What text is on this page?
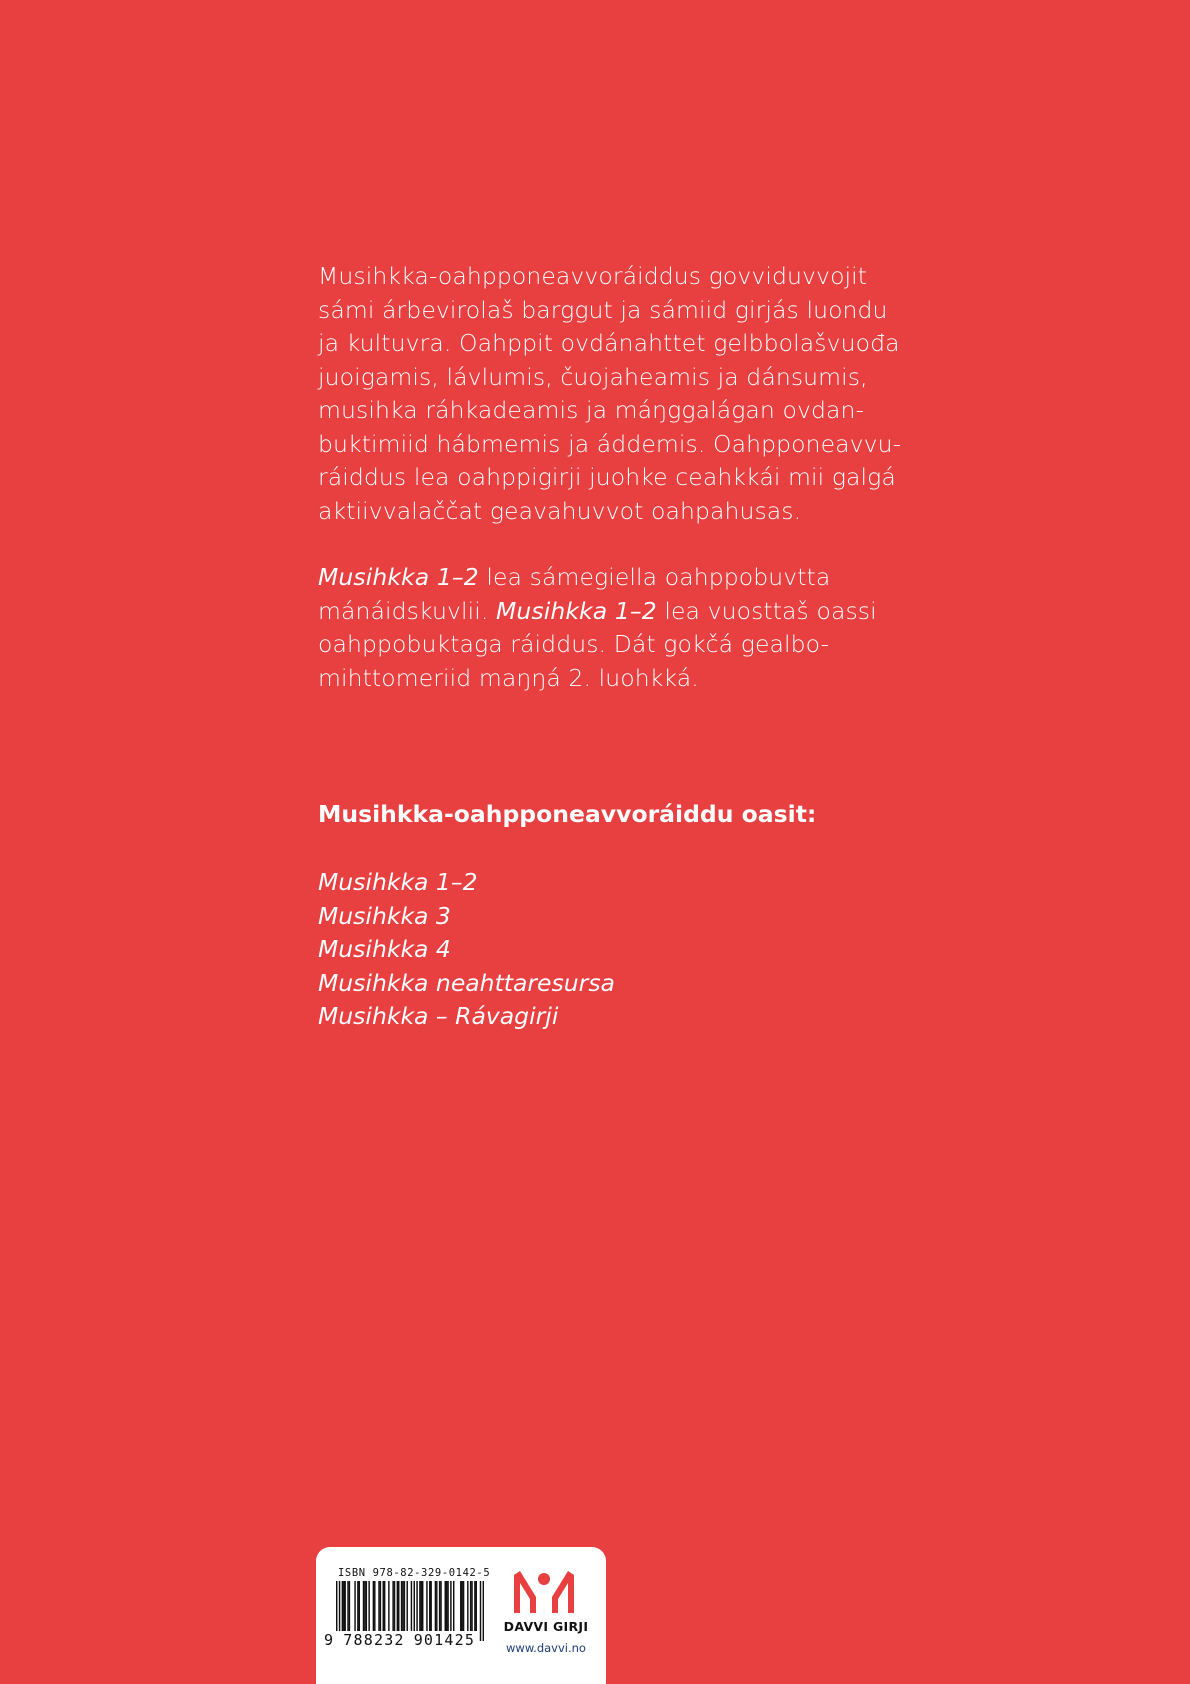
Musihkka-oahpponeavvoráiddus govviduvvojit
sámi árbevirolaš barggut ja sámiid girjás luondu
ja kultuvra. Oahppit ovdánahttet gelbbolašvuođa
juoigamis, lávlumis, čuojaheamis ja dánsumis,
musihka ráhkadeamis ja máŋggalágan ovdan-
buktimiid hábmemis ja áddemis. Oahpponeavvu-
ráiddus lea oahppigirji juohke ceahkkái mii galgá
aktiivvalaččat geavahuvvot oahpahusas.

Musihkka 1–2 lea sámegiella oahppobuvtta
mánáidskuvlii. Musihkka 1–2 lea vuosttaš oassi
oahppobuktaga ráiddus. Dát gokčá gealbo-
mihttomeriid maŋŋá 2. luohkká.

Musihkka-oahpponeavvoráiddu oasit:
Musihkka 1–2
Musihkka 3
Musihkka 4
Musihkka neahttaresursa
Musihkka – Rávagirji
ISBN 978-82-329-0142-5
9 788232 901425
DAVVI GIRJI
www.davvi.no
